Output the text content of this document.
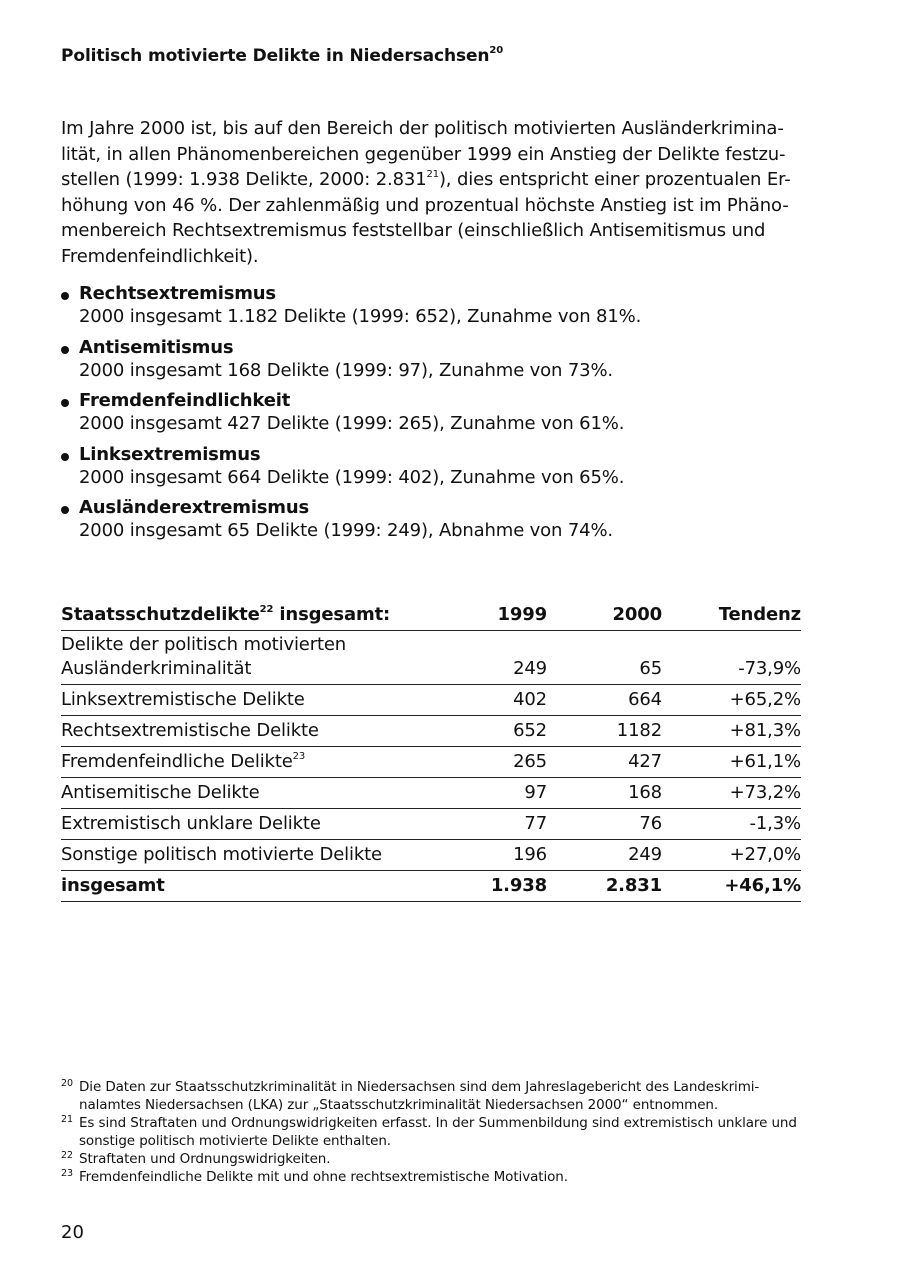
Politisch motivierte Delikte in Niedersachsen$^{20}$

Im Jahre 2000 ist, bis auf den Bereich der politisch motivierten Ausländerkrimina-lität, in allen Phänomenbereichen gegenüber 1999 ein Anstieg der Delikte festzu-stellen (1999: 1.938 Delikte, 2000: 2.831$^{21}$), dies entspricht einer prozentualen Er-höhung von 46 %. Der zahlenmäßig und prozentual höchste Anstieg ist im Phäno-menbereich Rechtsextremismus feststellbar (einschließlich Antisemitismus und Fremdenfeindlichkeit).

Rechtsextremismus
2000 insgesamt 1.182 Delikte (1999: 652), Zunahme von 81%.
Antisemitismus
2000 insgesamt 168 Delikte (1999: 97), Zunahme von 73%.
Fremdenfeindlichkeit
2000 insgesamt 427 Delikte (1999: 265), Zunahme von 61%.
Linksextremismus
2000 insgesamt 664 Delikte (1999: 402), Zunahme von 65%.
Ausländerextremismus
2000 insgesamt 65 Delikte (1999: 249), Abnahme von 74%.
Staatsschutzdelikte$^{22}$ insgesamt:	1999	2000	Tendenz
Delikte der politisch motivierten
Ausländerkriminalität	249	65	-73,9%
Linksextremistische Delikte	402	664	+65,2%
Rechtsextremistische Delikte	652	1182	+81,3%
Fremdenfeindliche Delikte$^{23}$	265	427	+61,1%
Antisemitische Delikte	97	168	+73,2%
Extremistisch unklare Delikte	77	76	-1,3%
Sonstige politisch motivierte Delikte	196	249	+27,0%
insgesamt	1.938	2.831	+46,1%
20 Die Daten zur Staatsschutzkriminalität in Niedersachsen sind dem Jahreslagebericht des Landeskrimi-nalamtes Niedersachsen (LKA) zur „Staatsschutzkriminalität Niedersachsen 2000“ entnommen.
21 Es sind Straftaten und Ordnungswidrigkeiten erfasst. In der Summenbildung sind extremistisch unklare und sonstige politisch motivierte Delikte enthalten.
22 Straftaten und Ordnungswidrigkeiten.
23 Fremdenfeindliche Delikte mit und ohne rechtsextremistische Motivation.
20
